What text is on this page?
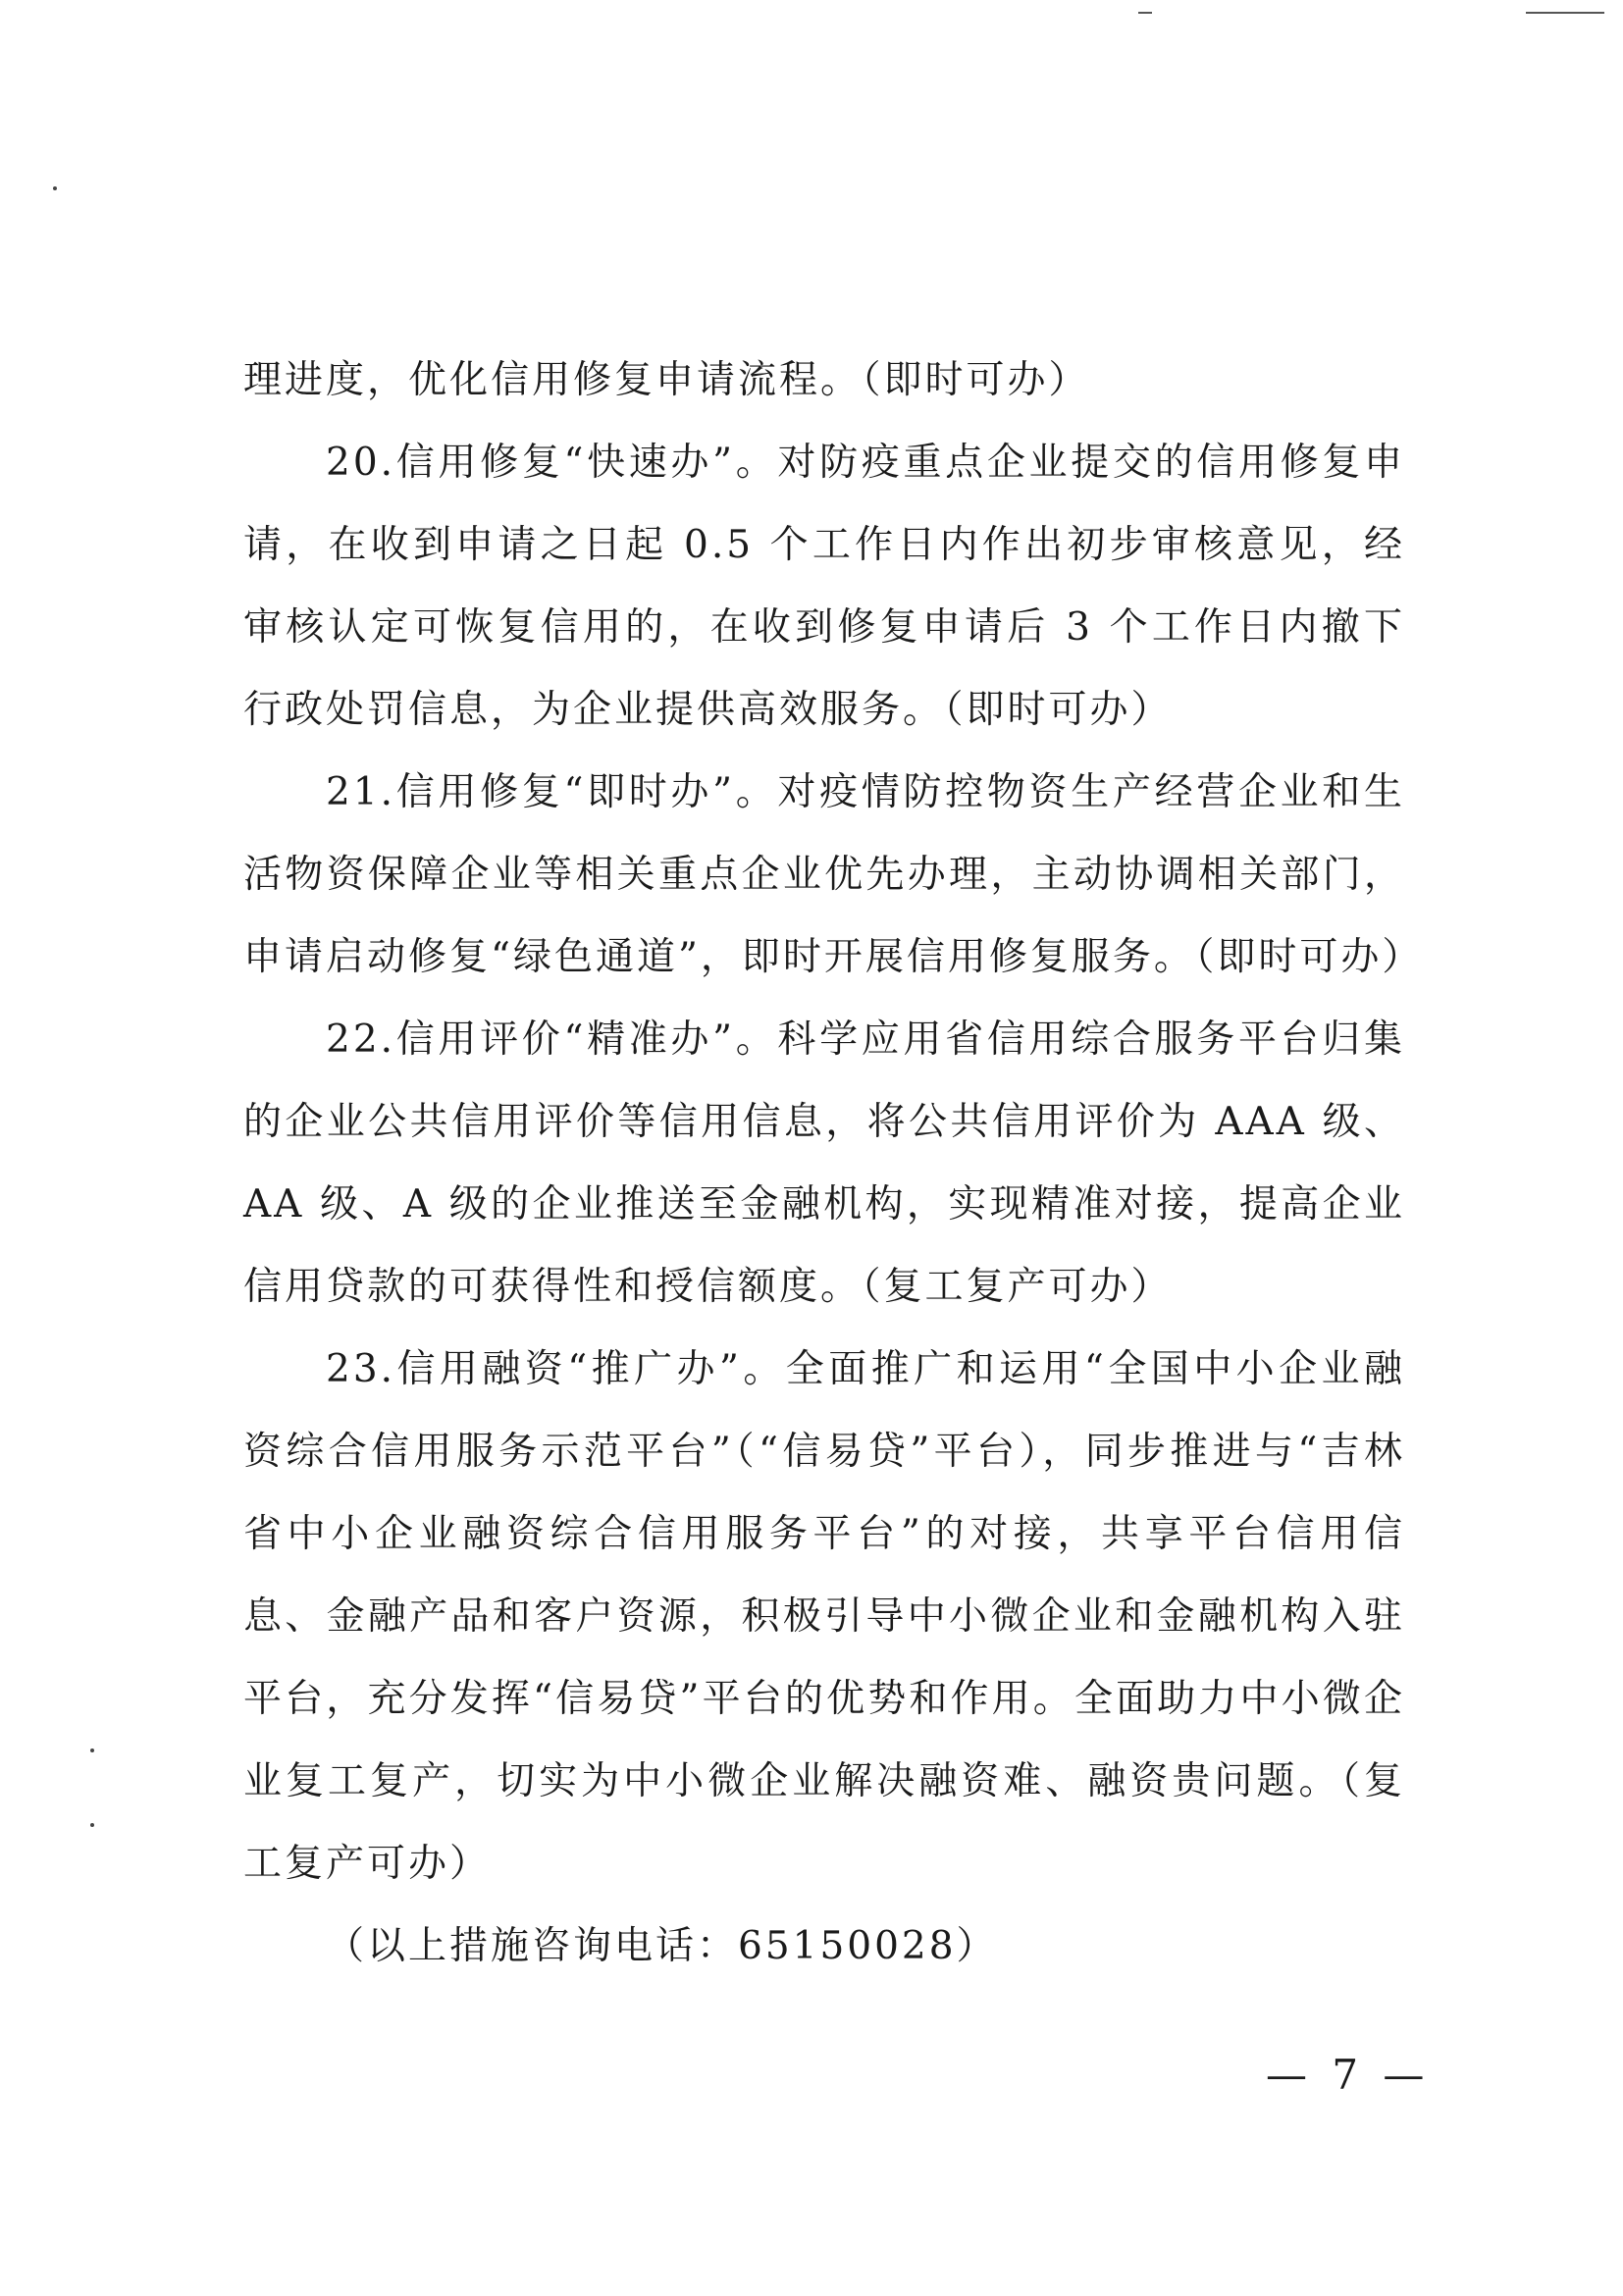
理进度，优化信用修复申请流程。（即时可办）

20.信用修复“快速办”。对防疫重点企业提交的信用修复申请，在收到申请之日起 0.5 个工作日内作出初步审核意见，经审核认定可恢复信用的，在收到修复申请后 3 个工作日内撤下行政处罚信息，为企业提供高效服务。（即时可办）

21.信用修复“即时办”。对疫情防控物资生产经营企业和生活物资保障企业等相关重点企业优先办理，主动协调相关部门，申请启动修复“绿色通道”，即时开展信用修复服务。（即时可办）

22.信用评价“精准办”。科学应用省信用综合服务平台归集的企业公共信用评价等信用信息，将公共信用评价为 AAA 级、AA 级、A 级的企业推送至金融机构，实现精准对接，提高企业信用贷款的可获得性和授信额度。（复工复产可办）

23.信用融资“推广办”。全面推广和运用“全国中小企业融资综合信用服务示范平台”（“信易贷”平台），同步推进与“吉林省中小企业融资综合信用服务平台”的对接，共享平台信用信息、金融产品和客户资源，积极引导中小微企业和金融机构入驻平台，充分发挥“信易贷”平台的优势和作用。全面助力中小微企业复工复产，切实为中小微企业解决融资难、融资贵问题。（复工复产可办）

（以上措施咨询电话：65150028）

— 7 —
